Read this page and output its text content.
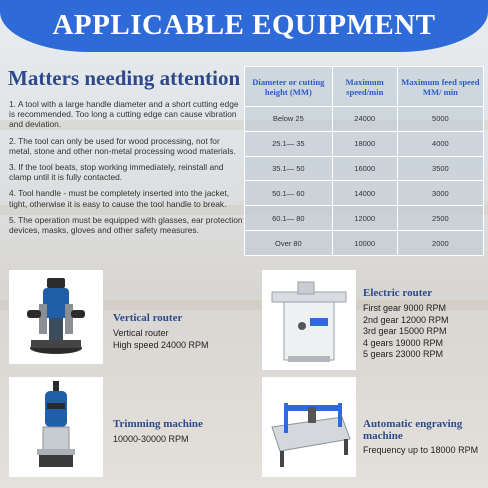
APPLICABLE EQUIPMENT
Matters needing attention
1. A tool with a large handle diameter and a short cutting edge is recommended. Too long a cutting edge can cause vibration and deviation.
2. The tool can only be used for wood processing, not for metal, stone and other non-metal processing wood materials.
3. If the tool beats, stop working immediately, reinstall and clamp until it is fully contacted.
4. Tool handle - must be completely inserted into the jacket, tight, otherwise it is easy to cause the tool handle to break.
5. The operation must be equipped with glasses, ear protection devices, masks, gloves and other safety measures.
Diameter or cutting height (MM)	Maximum speed/min	Maximum feed speed MM/ min
Below 25	24000	5000
25.1— 35	18000	4000
35.1— 50	16000	3500
50.1— 60	14000	3000
60.1— 80	12000	2500
Over 80	10000	2000
Vertical router
Vertical router
High speed 24000 RPM
Electric router
First gear 9000 RPM
2nd gear 12000 RPM
3rd gear 15000 RPM
4 gears 19000 RPM
5 gears 23000 RPM
Trimming machine
10000-30000 RPM
Automatic engraving machine
Frequency up to 18000 RPM
